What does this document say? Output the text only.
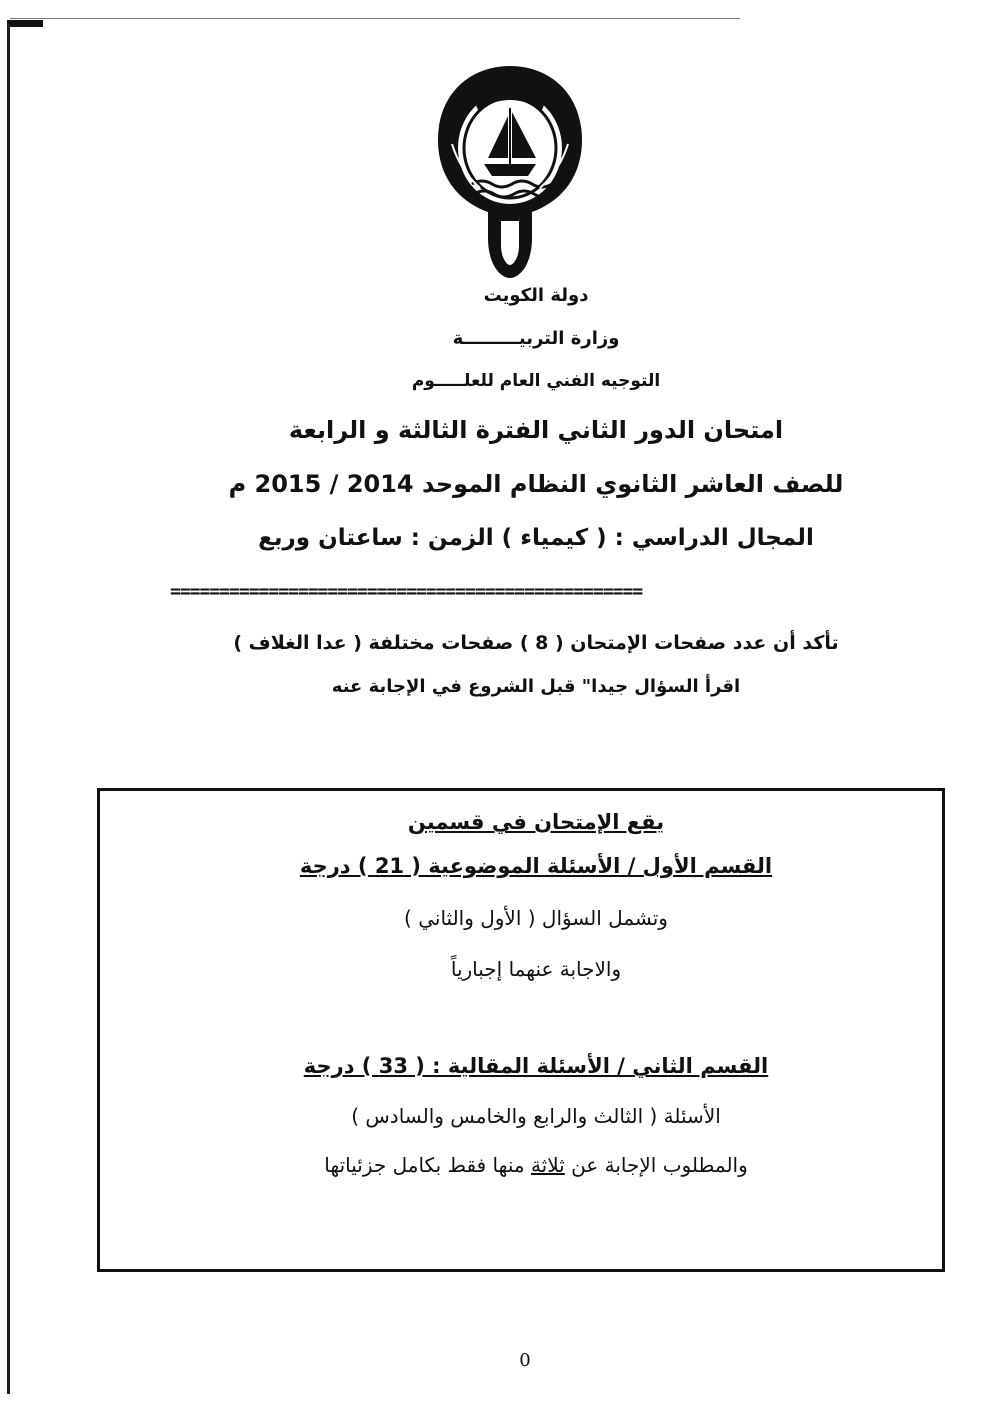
دولة الكويت
وزارة التربيـــــــــة
التوجيه الفني العام للعلـــــوم
امتحان الدور الثاني الفترة الثالثة و الرابعة
للصف العاشر الثانوي النظام الموحد 2014 / 2015 م
المجال الدراسي : ( كيمياء ) الزمن : ساعتان وربع
================================================
تأكد أن عدد صفحات الإمتحان ( 8 ) صفحات مختلفة ( عدا الغلاف )
اقرأ السؤال جيدا" قبل الشروع في الإجابة عنه
يقع الإمتحان في قسمين
القسم الأول / الأسئلة الموضوعية ( 21 ) درجة
وتشمل السؤال ( الأول والثاني )
والاجابة عنهما إجبارياً
القسم الثاني / الأسئلة المقالية : ( 33 ) درجة
الأسئلة ( الثالث والرابع والخامس والسادس )
والمطلوب الإجابة عن ثلاثة منها فقط بكامل جزئياتها
0
